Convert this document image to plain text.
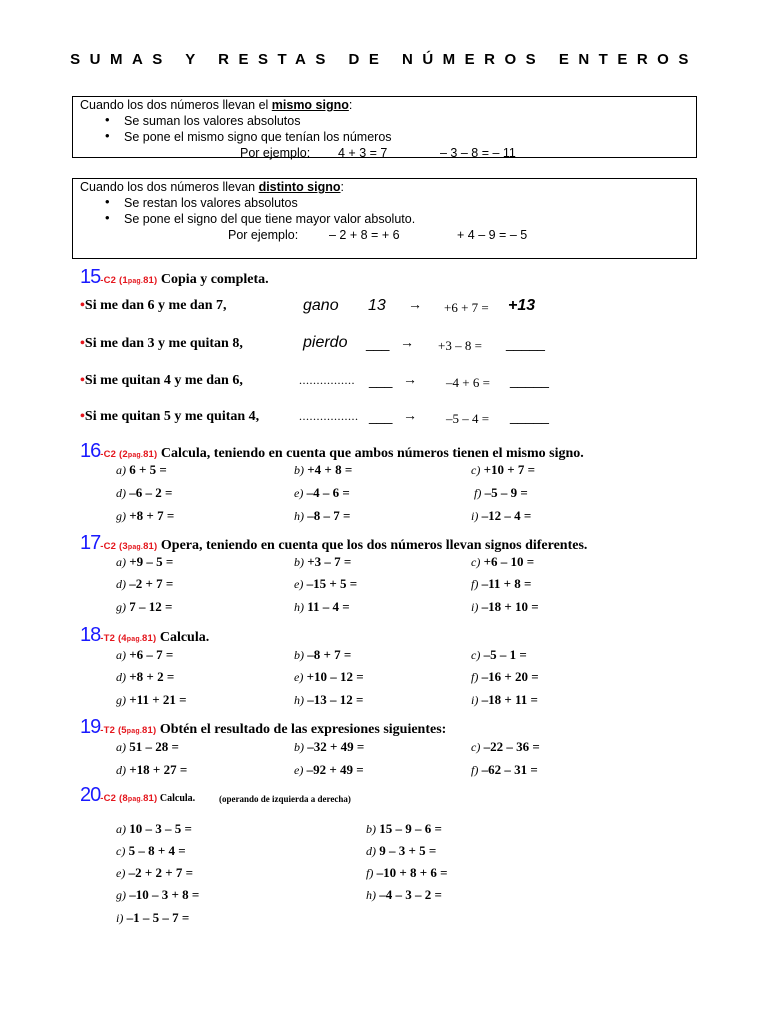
SUMAS Y RESTAS DE NÚMEROS ENTEROS
Cuando los dos números llevan el mismo signo:
• Se suman los valores absolutos
• Se pone el mismo signo que tenían los números
Por ejemplo: 4 + 3 = 7	– 3 – 8 = – 11
Cuando los dos números llevan distinto signo:
• Se restan los valores absolutos
• Se pone el signo del que tiene mayor valor absoluto.
Por ejemplo: – 2 + 8 = + 6	+ 4 – 9 = – 5
15-C2 (1pag.81) Copia y completa.
•Si me dan 6 y me dan 7,	gano 13 → +6 + 7 = +13
•Si me dan 3 y me quitan 8,	pierdo ___ → +3 – 8 = _____
•Si me quitan 4 y me dan 6,	................ ___ → –4 + 6 = _____
•Si me quitan 5 y me quitan 4,	................. ___ → –5 – 4 = _____
16-C2 (2pag.81) Calcula, teniendo en cuenta que ambos números tienen el mismo signo.
a) 6 + 5 =	b) +4 + 8 =	c) +10 + 7 =
d) –6 – 2 =	e) –4 – 6 =	f) –5 – 9 =
g) +8 + 7 =	h) –8 – 7 =	i) –12 – 4 =
17-C2 (3pag.81) Opera, teniendo en cuenta que los dos números llevan signos diferentes.
a) +9 – 5 =	b) +3 – 7 =	c) +6 – 10 =
d) –2 + 7 =	e) –15 + 5 =	f) –11 + 8 =
g) 7 – 12 =	h) 11 – 4 =	i) –18 + 10 =
18-T2 (4pag.81) Calcula.
a) +6 – 7 =	b) –8 + 7 =	c) –5 – 1 =
d) +8 + 2 =	e) +10 – 12 =	f) –16 + 20 =
g) +11 + 21 =	h) –13 – 12 =	i) –18 + 11 =
19-T2 (5pag.81) Obtén el resultado de las expresiones siguientes:
a) 51 – 28 =	b) –32 + 49 =	c) –22 – 36 =
d) +18 + 27 =	e) –92 + 49 =	f) –62 – 31 =
20-C2 (8pag.81) Calcula.	(operando de izquierda a derecha)
a) 10 – 3 – 5 =	b) 15 – 9 – 6 =
c) 5 – 8 + 4 =	d) 9 – 3 + 5 =
e) –2 + 2 + 7 =	f) –10 + 8 + 6 =
g) –10 – 3 + 8 =	h) –4 – 3 – 2 =
i) –1 – 5 – 7 =
